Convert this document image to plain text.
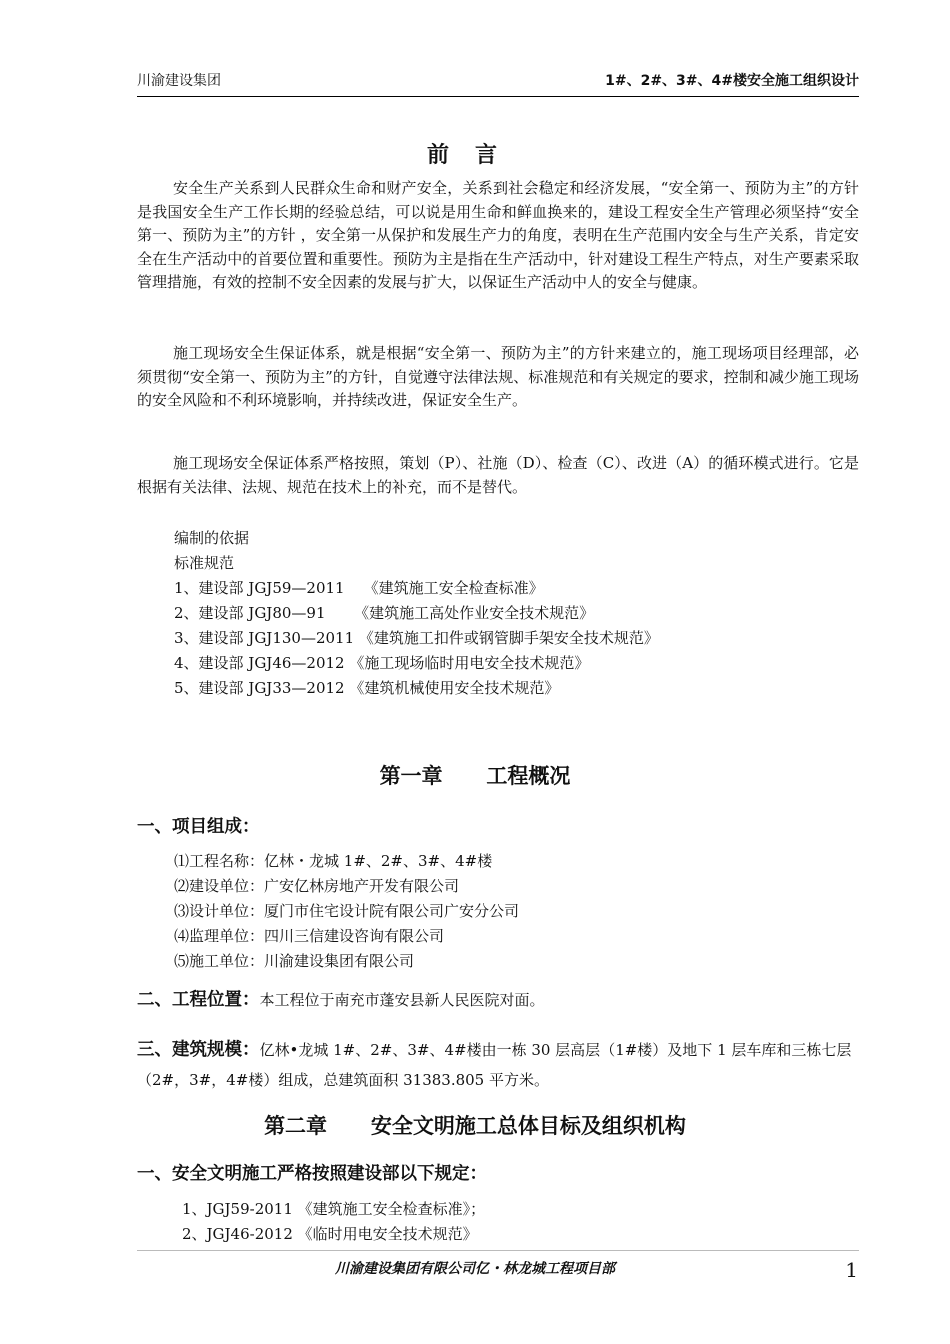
川渝建设集团	1#、2#、3#、4#楼安全施工组织设计
前言

安全生产关系到人民群众生命和财产安全，关系到社会稳定和经济发展，“安全第一、预防为主”的方针是我国安全生产工作长期的经验总结，可以说是用生命和鲜血换来的，建设工程安全生产管理必须坚持“安全第一、预防为主”的方针 ，安全第一从保护和发展生产力的角度，表明在生产范围内安全与生产关系，肯定安全在生产活动中的首要位置和重要性。预防为主是指在生产活动中，针对建设工程生产特点，对生产要素采取管理措施，有效的控制不安全因素的发展与扩大，以保证生产活动中人的安全与健康。

施工现场安全生保证体系，就是根据“安全第一、预防为主”的方针来建立的，施工现场项目经理部，必须贯彻“安全第一、预防为主”的方针，自觉遵守法律法规、标准规范和有关规定的要求，控制和减少施工现场的安全风险和不利环境影响，并持续改进，保证安全生产。

施工现场安全保证体系严格按照，策划（P）、社施（D）、检查（C）、改进（A）的循环模式进行。它是根据有关法律、法规、规范在技术上的补充，而不是替代。

编制的依据
标准规范
1、建设部 JGJ59—2011    《建筑施工安全检查标准》
2、建设部 JGJ80—91      《建筑施工高处作业安全技术规范》
3、建设部 JGJ130—2011 《建筑施工扣件或钢管脚手架安全技术规范》
4、建设部 JGJ46—2012 《施工现场临时用电安全技术规范》
5、建设部 JGJ33—2012 《建筑机械使用安全技术规范》
第一章      工程概况
一、项目组成：
⑴工程名称：亿林・龙城 1#、2#、3#、4#楼
⑵建设单位：广安亿林房地产开发有限公司
⑶设计单位：厦门市住宅设计院有限公司广安分公司
⑷监理单位：四川三信建设咨询有限公司
⑸施工单位：川渝建设集团有限公司
二、工程位置：本工程位于南充市蓬安县新人民医院对面。

三、建筑规模：亿林•龙城 1#、2#、3#、4#楼由一栋 30 层高层（1#楼）及地下 1 层车库和三栋七层（2#，3#，4#楼）组成，总建筑面积 31383.805 平方米。

第二章      安全文明施工总体目标及组织机构
一、安全文明施工严格按照建设部以下规定：
1、JGJ59-2011 《建筑施工安全检查标准》；
2、JGJ46-2012 《临时用电安全技术规范》
川渝建设集团有限公司亿・林龙城工程项目部	1
